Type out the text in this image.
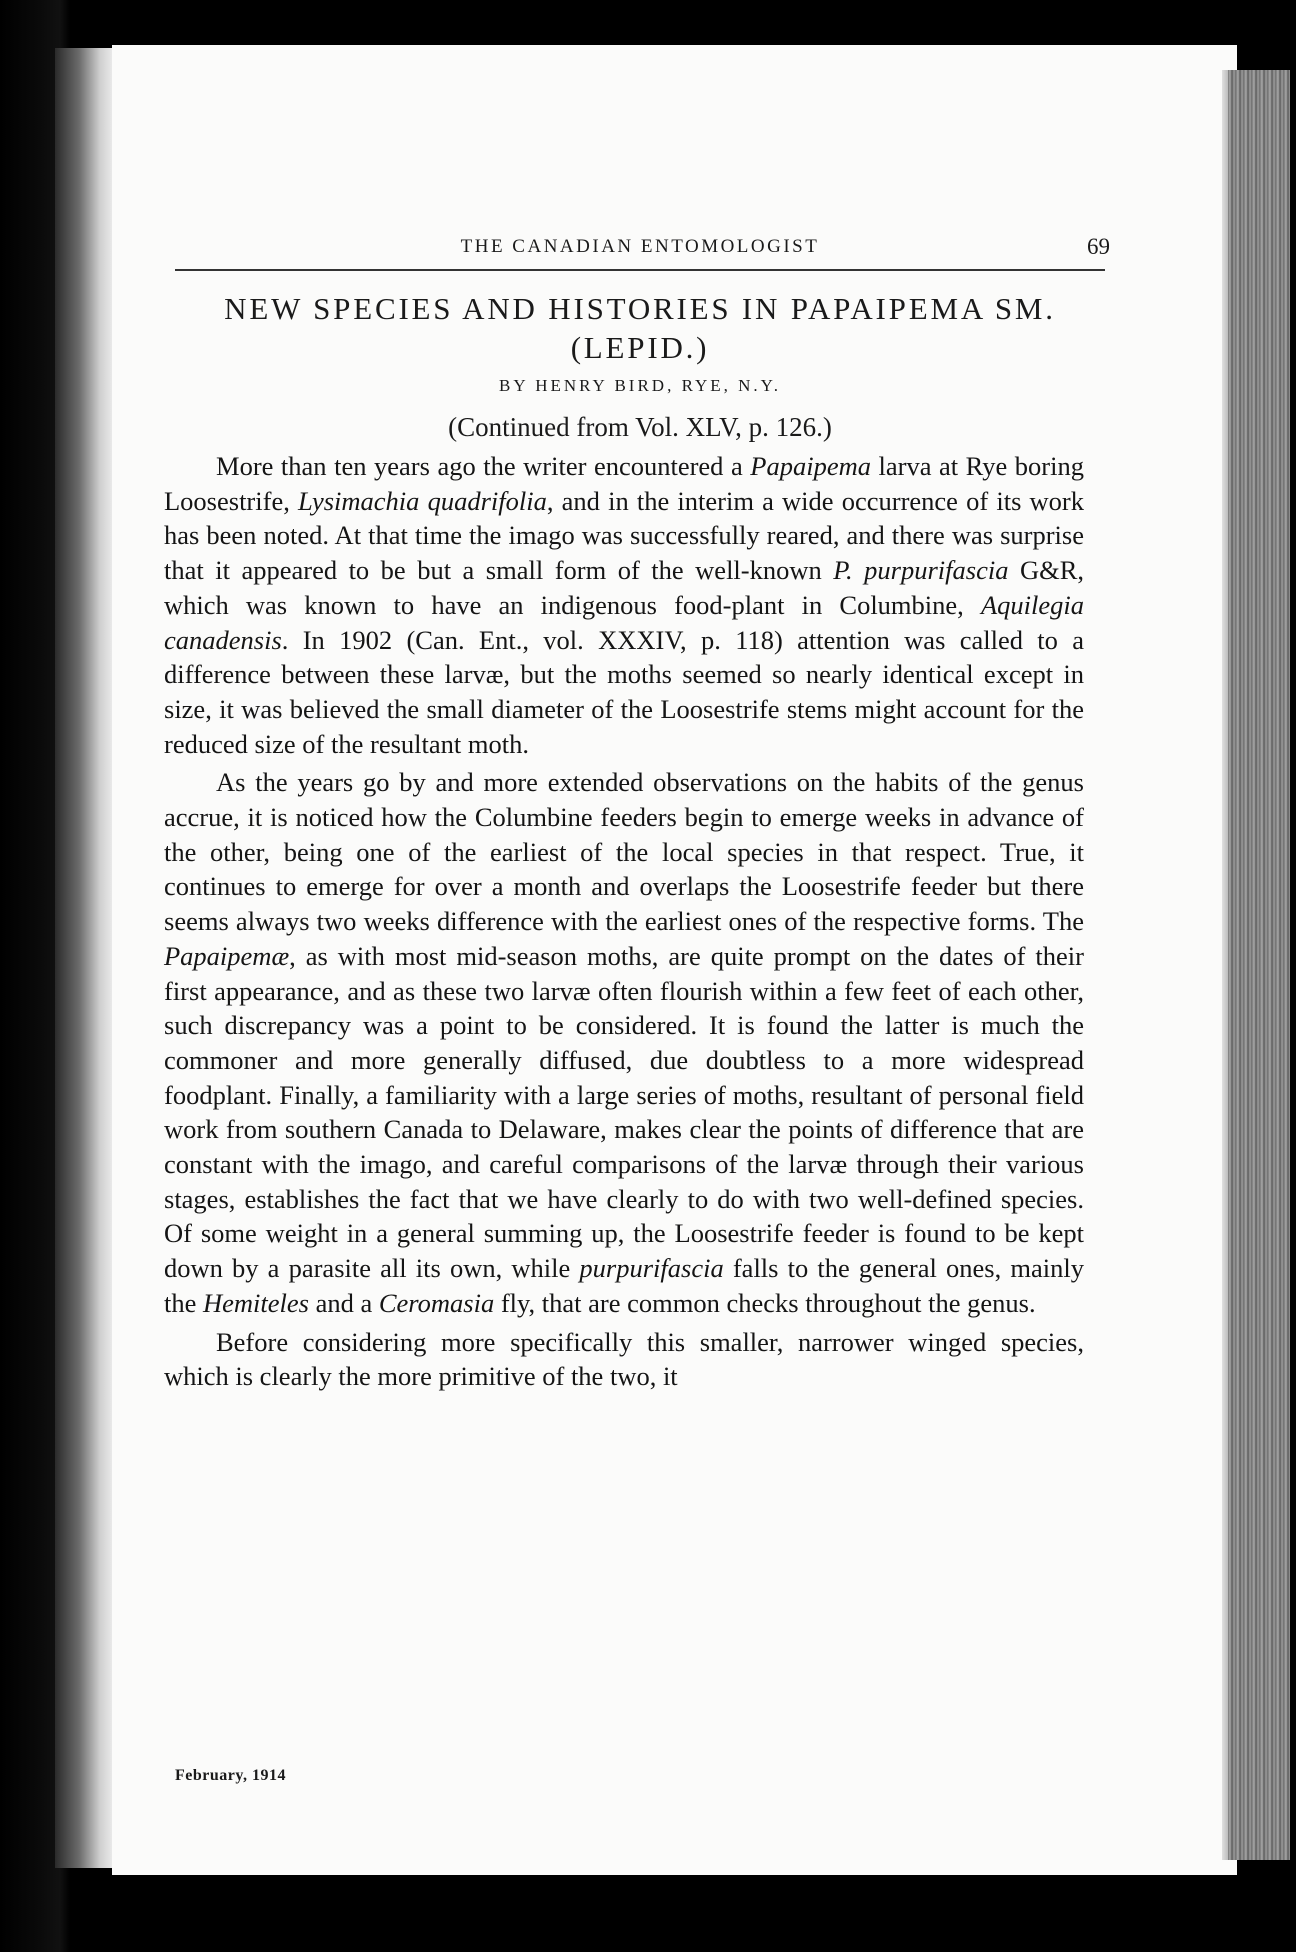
THE CANADIAN ENTOMOLOGIST	69
NEW SPECIES AND HISTORIES IN PAPAIPEMA SM.
(LEPID.)
BY HENRY BIRD, RYE, N.Y.
(Continued from Vol. XLV, p. 126.)

More than ten years ago the writer encountered a Papaipema larva at Rye boring Loosestrife, Lysimachia quadrifolia, and in the interim a wide occurrence of its work has been noted. At that time the imago was successfully reared, and there was surprise that it appeared to be but a small form of the well-known P. purpurifascia G&R, which was known to have an indigenous food-plant in Columbine, Aquilegia canadensis. In 1902 (Can. Ent., vol. XXXIV, p. 118) attention was called to a difference between these larvæ, but the moths seemed so nearly identical except in size, it was believed the small diameter of the Loosestrife stems might account for the reduced size of the resultant moth.

As the years go by and more extended observations on the habits of the genus accrue, it is noticed how the Columbine feeders begin to emerge weeks in advance of the other, being one of the earliest of the local species in that respect. True, it continues to emerge for over a month and overlaps the Loosestrife feeder but there seems always two weeks difference with the earliest ones of the respective forms. The Papaipemæ, as with most mid-season moths, are quite prompt on the dates of their first appearance, and as these two larvæ often flourish within a few feet of each other, such discrepancy was a point to be considered. It is found the latter is much the commoner and more generally diffused, due doubtless to a more widespread foodplant. Finally, a familiarity with a large series of moths, resultant of personal field work from southern Canada to Delaware, makes clear the points of difference that are constant with the imago, and careful comparisons of the larvæ through their various stages, establishes the fact that we have clearly to do with two well-defined species. Of some weight in a general summing up, the Loosestrife feeder is found to be kept down by a parasite all its own, while purpurifascia falls to the general ones, mainly the Hemiteles and a Ceromasia fly, that are common checks throughout the genus.

Before considering more specifically this smaller, narrower winged species, which is clearly the more primitive of the two, it

February, 1914
